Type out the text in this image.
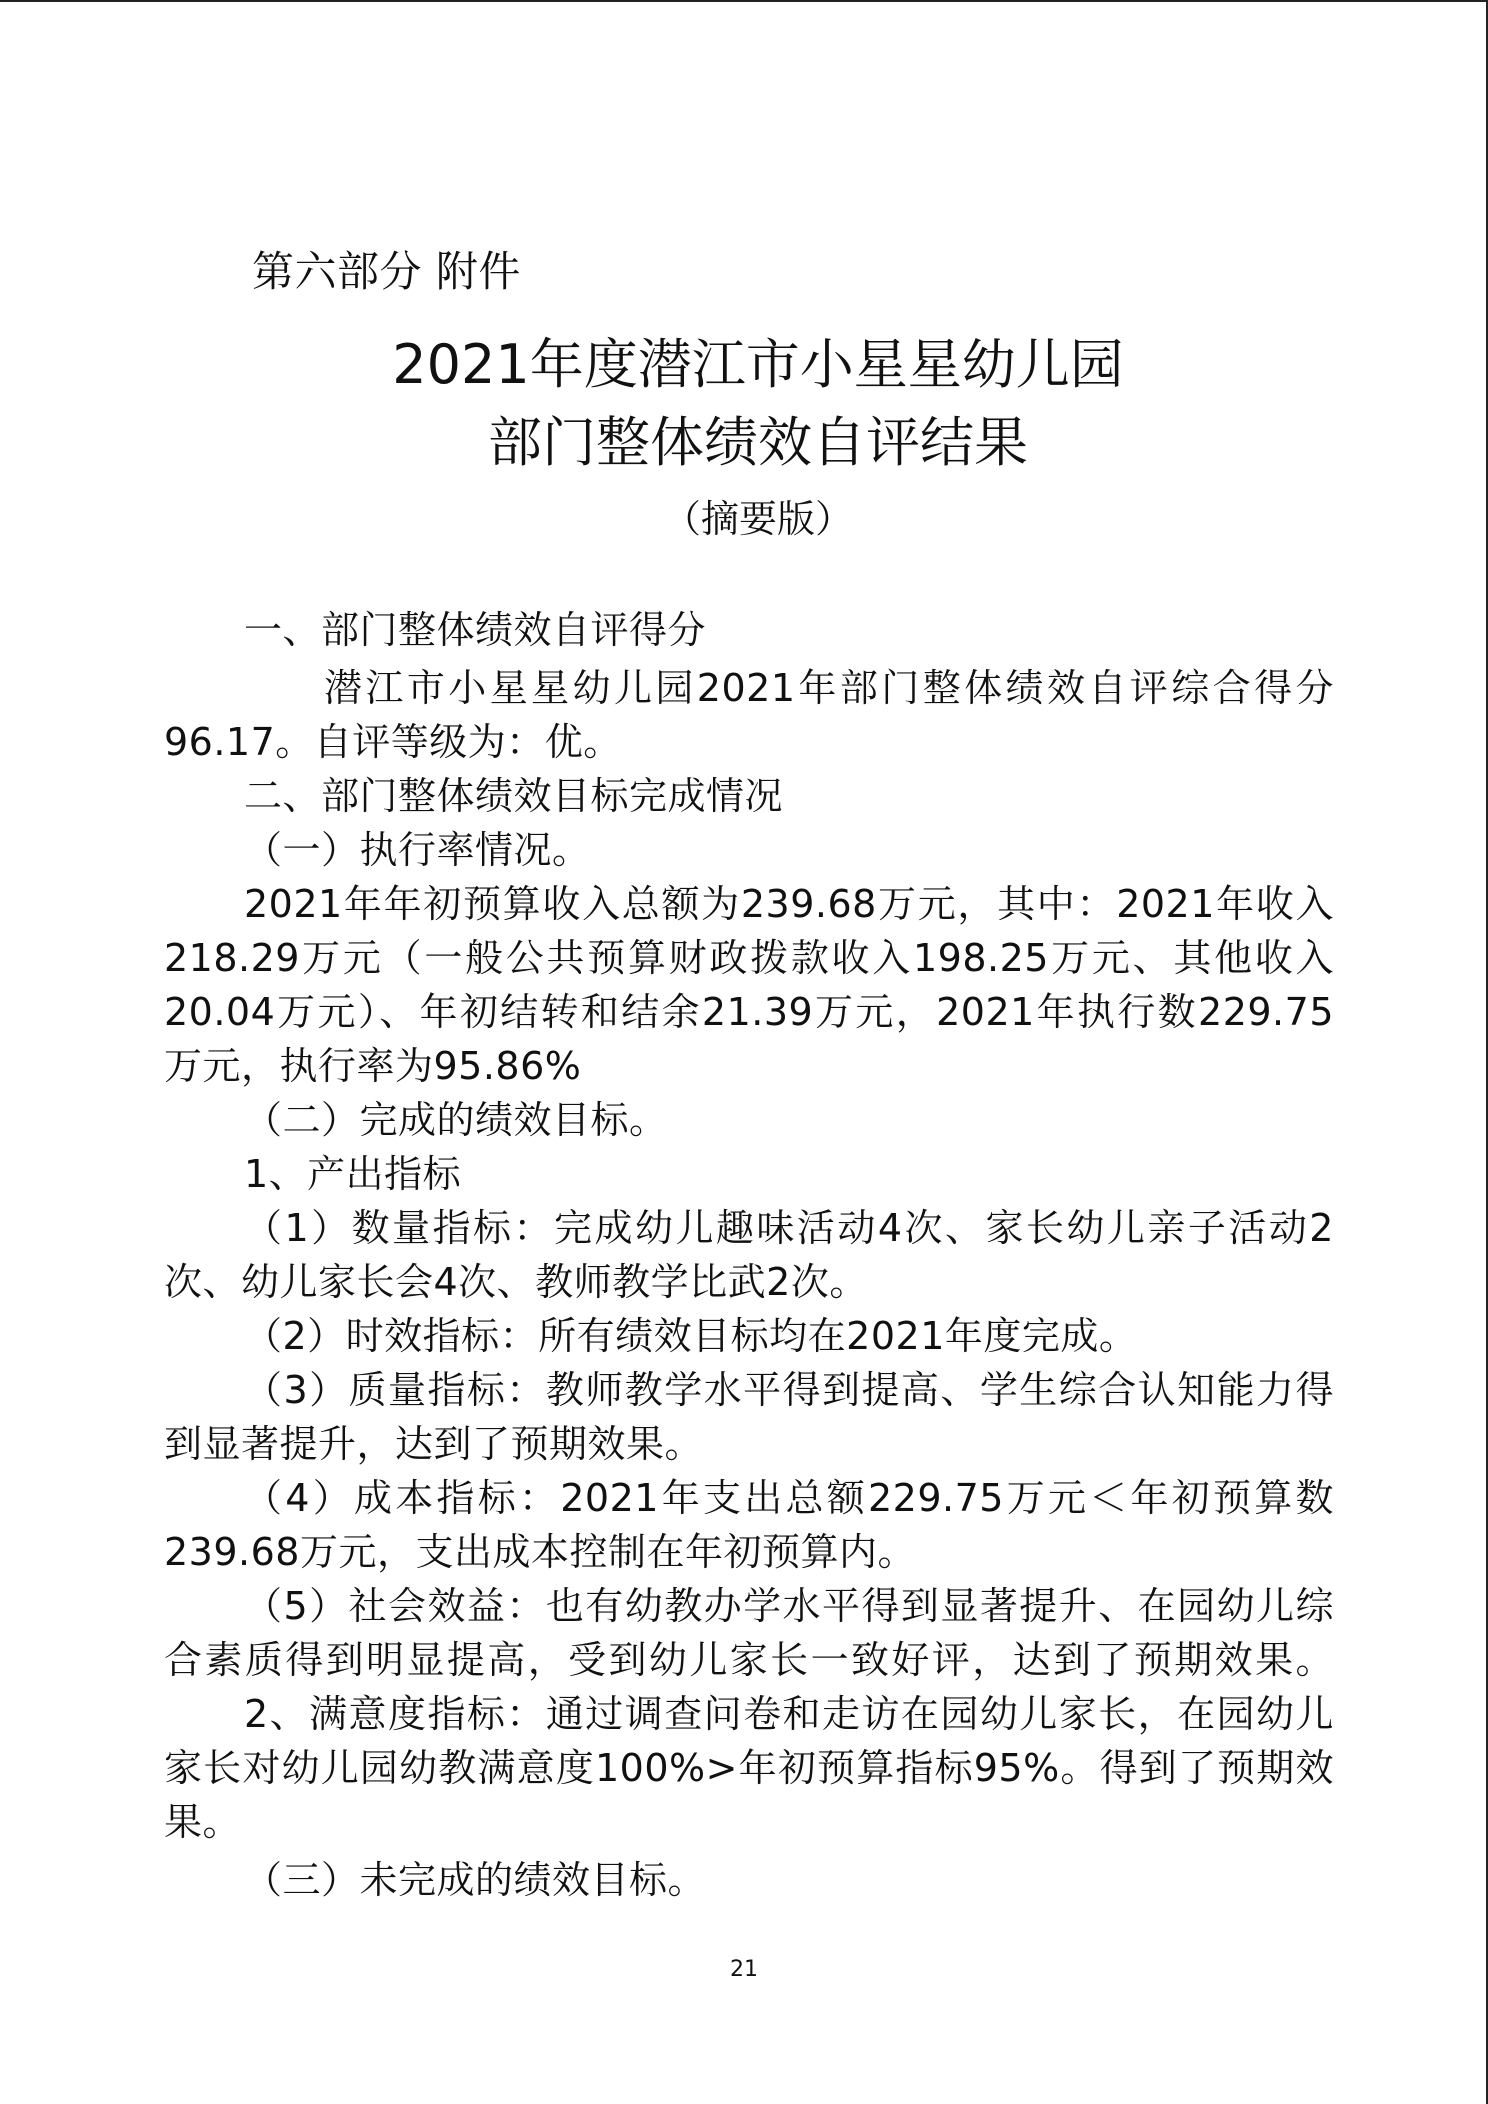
第六部分 附件
2021年度潜江市小星星幼儿园
部门整体绩效自评结果
（摘要版）
一、部门整体绩效自评得分
潜江市小星星幼儿园2021年部门整体绩效自评综合得分
96.17。自评等级为：优。
二、部门整体绩效目标完成情况
（一）执行率情况。
2021年年初预算收入总额为239.68万元，其中：2021年收入
218.29万元（一般公共预算财政拨款收入198.25万元、其他收入
20.04万元）、年初结转和结余21.39万元，2021年执行数229.75
万元，执行率为95.86%
（二）完成的绩效目标。
1、产出指标
（1）数量指标：完成幼儿趣味活动4次、家长幼儿亲子活动2
次、幼儿家长会4次、教师教学比武2次。
（2）时效指标：所有绩效目标均在2021年度完成。
（3）质量指标：教师教学水平得到提高、学生综合认知能力得
到显著提升，达到了预期效果。
（4）成本指标：2021年支出总额229.75万元＜年初预算数
239.68万元，支出成本控制在年初预算内。
（5）社会效益：也有幼教办学水平得到显著提升、在园幼儿综
合素质得到明显提高，受到幼儿家长一致好评，达到了预期效果。
2、满意度指标：通过调查问卷和走访在园幼儿家长，在园幼儿
家长对幼儿园幼教满意度100%>年初预算指标95%。得到了预期效
果。
（三）未完成的绩效目标。
21
